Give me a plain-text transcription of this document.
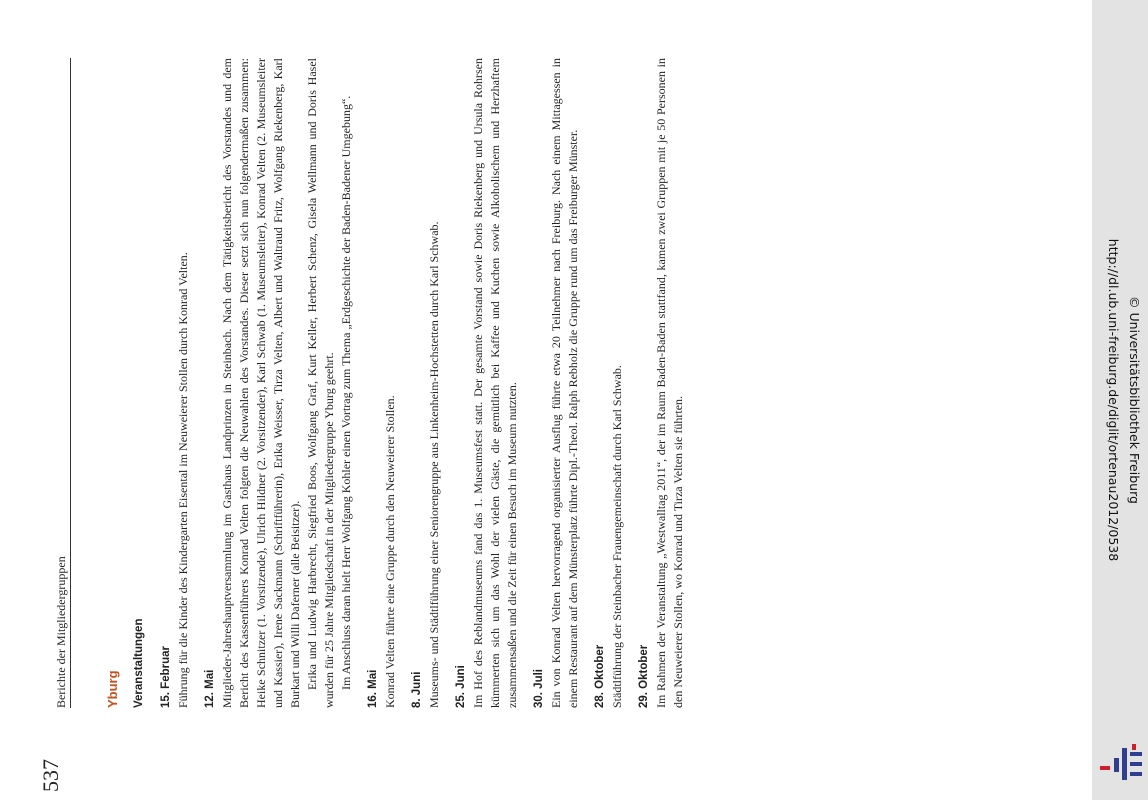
537
Berichte der Mitgliedergruppen	Yburg Veranstaltungen 15. Februar Führung für die Kinder des Kindergarten Eisental im Neuweierer Stollen durch Konrad Velten. 12. Mai Mitglieder-Jahreshauptversammlung im Gasthaus Landprinzen in Steinbach. Nach dem Tätigkeitsbericht des Vorstandes und dem Bericht des Kassenführers Konrad Velten folgten die Neuwahlen des Vorstandes. Dieser setzt sich nun folgendermaßen zusammen: Heike Schnitzer (1. Vorsitzende), Ulrich Hildner (2. Vorsitzender), Karl Schwab (1. Museumsleiter), Konrad Velten (2. Museumsleiter und Kassier), Irene Sackmann (Schriftführerin), Erika Weisser, Tirza Velten, Albert und Waltraud Fritz, Wolfgang Riekenberg, Karl Burkart und Willi Daferner (alle Beisitzer). Erika und Ludwig Harbrecht, Siegfried Boos, Wolfgang Graf, Kurt Keller, Herbert Schenz, Gisela Wellmann und Doris Hasel wurden für 25 Jahre Mitgliedschaft in der Mitgliedergruppe Yburg geehrt. Im Anschluss daran hielt Herr Wolfgang Kohler einen Vortrag zum Thema „Erdgeschichte der Baden-Badener Umgebung“. 16. Mai Konrad Velten führte eine Gruppe durch den Neuweierer Stollen. 8. Juni Museums- und Städtlführung einer Seniorengruppe aus Linkenheim-Hochstetten durch Karl Schwab. 25. Juni Im Hof des Reblandmuseums fand das 1. Museumsfest statt. Der gesamte Vorstand sowie Doris Riekenberg und Ursula Rohrsen kümmerten sich um das Wohl der vielen Gäste, die gemütlich bei Kaffee und Kuchen sowie Alkoholischem und Herzhaftem zusammensaßen und die Zeit für einen Besuch im Museum nutzten. 30. Juli Ein von Konrad Velten hervorragend organisierter Ausflug führte etwa 20 Teilnehmer nach Freiburg. Nach einem Mittagessen in einem Restaurant auf dem Münsterplatz führte Dipl.-Theol. Ralph Rebholz die Gruppe rund um das Freiburger Münster. 28. Oktober Städtlführung der Steinbacher Frauengemeinschaft durch Karl Schwab. 29. Oktober Im Rahmen der Veranstaltung „Westwalltag 2011“, der im Raum Baden-Baden stattfand, kamen zwei Gruppen mit je 50 Personen in den Neuweierer Stollen, wo Konrad und Tirza Velten sie führten.	© Universitätsbibliothek Freiburg
http://dl.ub.uni-freiburg.de/diglit/ortenau2012/0538
